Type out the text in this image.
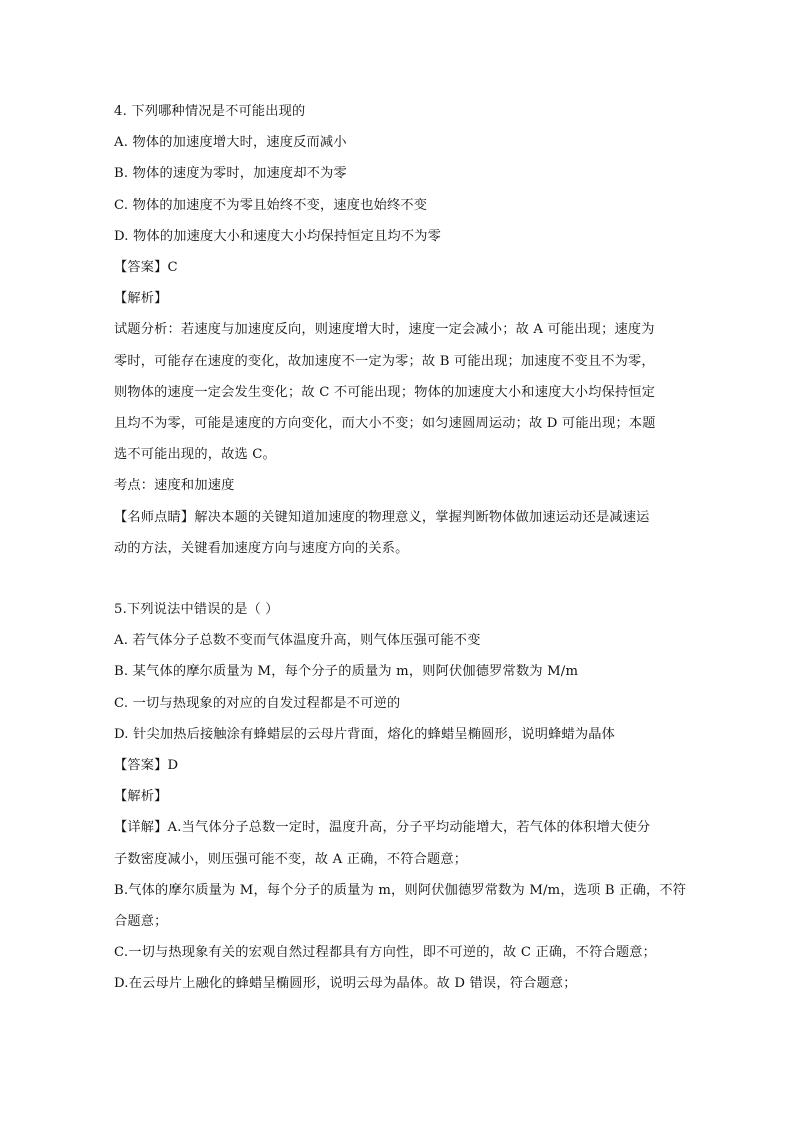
4. 下列哪种情况是不可能出现的
A. 物体的加速度增大时，速度反而减小
B. 物体的速度为零时，加速度却不为零
C. 物体的加速度不为零且始终不变，速度也始终不变
D. 物体的加速度大小和速度大小均保持恒定且均不为零
【答案】C
【解析】
试题分析：若速度与加速度反向，则速度增大时，速度一定会减小；故 A 可能出现；速度为
零时，可能存在速度的变化，故加速度不一定为零；故 B 可能出现；加速度不变且不为零，
则物体的速度一定会发生变化；故 C 不可能出现；物体的加速度大小和速度大小均保持恒定
且均不为零，可能是速度的方向变化，而大小不变；如匀速圆周运动；故 D 可能出现；本题
选不可能出现的，故选 C。
考点：速度和加速度
【名师点睛】解决本题的关键知道加速度的物理意义，掌握判断物体做加速运动还是减速运
动的方法，关键看加速度方向与速度方向的关系。
5.下列说法中错误的是（ ）
A. 若气体分子总数不变而气体温度升高，则气体压强可能不变
B. 某气体的摩尔质量为 M，每个分子的质量为 m，则阿伏伽德罗常数为 M/m
C. 一切与热现象的对应的自发过程都是不可逆的
D. 针尖加热后接触涂有蜂蜡层的云母片背面，熔化的蜂蜡呈椭圆形，说明蜂蜡为晶体
【答案】D
【解析】
【详解】A.当气体分子总数一定时，温度升高，分子平均动能增大，若气体的体积增大使分
子数密度减小，则压强可能不变，故 A 正确，不符合题意；
B.气体的摩尔质量为 M，每个分子的质量为 m，则阿伏伽德罗常数为 M/m，选项 B 正确，不符
合题意；
C.一切与热现象有关的宏观自然过程都具有方向性，即不可逆的，故 C 正确，不符合题意；
D.在云母片上融化的蜂蜡呈椭圆形，说明云母为晶体。故 D 错误，符合题意；
